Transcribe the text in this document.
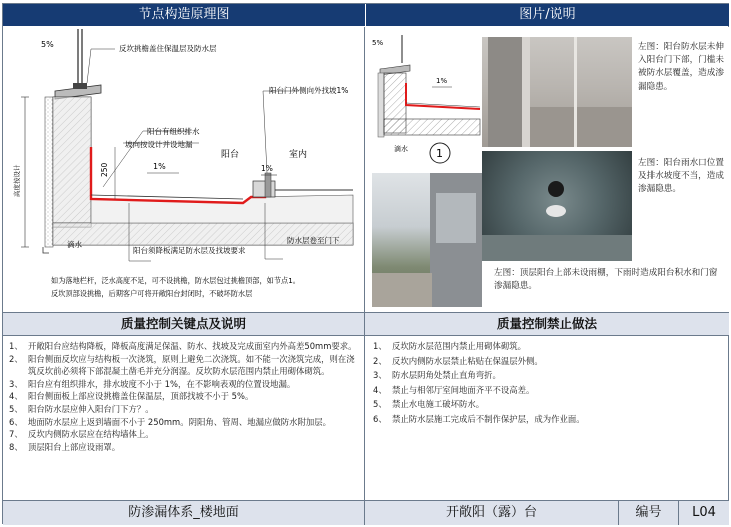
节点构造原理图	图片/说明
5%	反坎挑檐盖住保温层及防水层
阳台门外侧向外找坡1%
阳台有组织排水
坡向按设计并设地漏
250	1%
阳台
1%
室内
高度按设计
滴水
阳台须降板满足防水层及找坡要求
防水层卷至门下
如为落地栏杆，泛水高度不足，可不设挑檐，防水层包过挑檐顶部，如节点1。
反坎顶部设挑檐，后期客户可将开敞阳台封闭时，不破坏防水层
5%
1%
滴水	1
左图：阳台防水层未伸入阳台门下部，门槛未被防水层覆盖，造成渗漏隐患。
左图：阳台雨水口位置及排水坡度不当，造成渗漏隐患。
左图：顶层阳台上部未设雨棚，下雨时造成阳台积水和门窗渗漏隐患。
质量控制关键点及说明	质量控制禁止做法
1、 开敞阳台应结构降板，降板高度满足保温、防水、找坡及完成面室内外高差50mm要求。
2、 阳台侧面反坎应与结构板一次浇筑，原则上避免二次浇筑。如不能一次浇筑完成，则在浇筑反坎前必须将下部混凝土凿毛并充分润湿。反坎防水层范围内禁止用砌体砌筑。
3、 阳台应有组织排水，排水坡度不小于 1%，在不影响表观的位置设地漏。
4、 阳台侧面板上部应设挑檐盖住保温层，顶部找坡不小于 5%。
5、 阳台防水层应伸入阳台门下方？。
6、 地面防水层应上返到墙面不小于 250mm。阴阳角、管周、地漏应做防水附加层。
7、 反坎内侧防水层应在结构墙体上。
8、 顶层阳台上部应设雨罩。
1、 反坎防水层范围内禁止用砌体砌筑。
2、 反坎内侧防水层禁止粘贴在保温层外侧。
3、 防水层阴角处禁止直角弯折。
4、 禁止与相邻厅室间地面齐平不设高差。
5、 禁止水电施工破坏防水。
6、 禁止防水层施工完成后不制作保护层，成为作业面。
防渗漏体系_楼地面	开敞阳（露）台	编号	L04
